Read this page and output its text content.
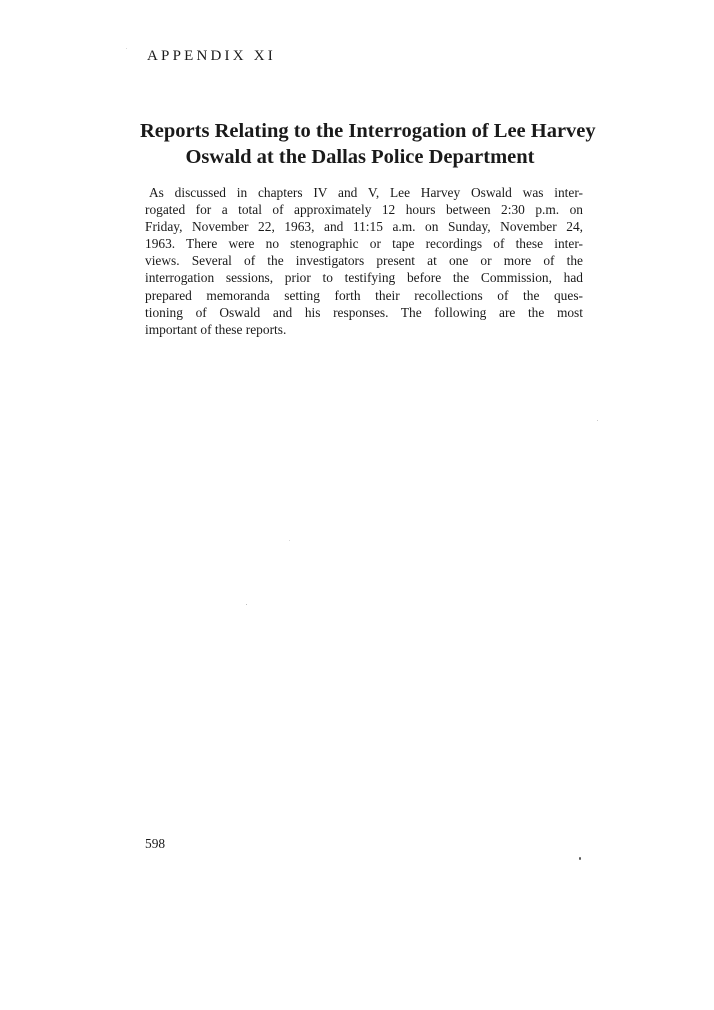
APPENDIX XI
Reports Relating to the Interrogation of Lee Harvey
Oswald at the Dallas Police Department
As discussed in chapters IV and V, Lee Harvey Oswald was inter-
rogated for a total of approximately 12 hours between 2:30 p.m. on
Friday, November 22, 1963, and 11:15 a.m. on Sunday, November 24,
1963. There were no stenographic or tape recordings of these inter-
views. Several of the investigators present at one or more of the
interrogation sessions, prior to testifying before the Commission, had
prepared memoranda setting forth their recollections of the ques-
tioning of Oswald and his responses. The following are the most
important of these reports.
598
